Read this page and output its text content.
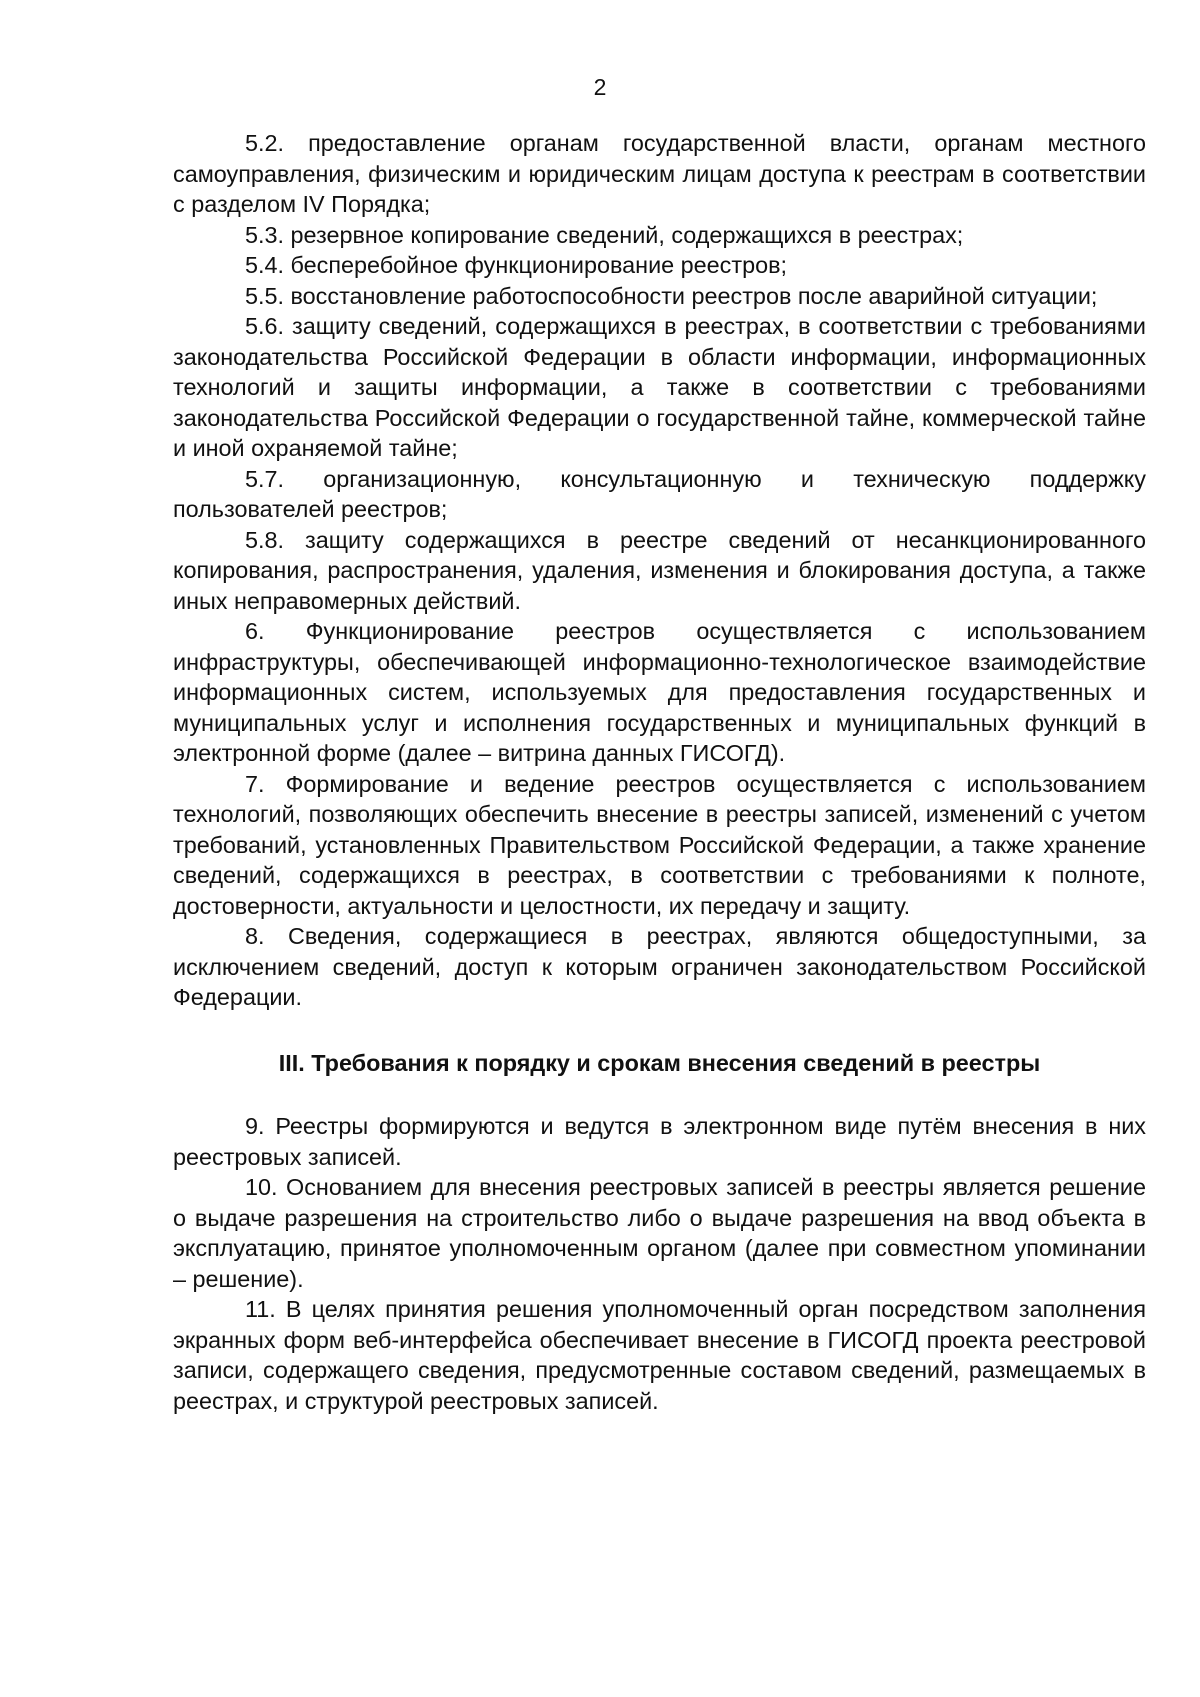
2

5.2. предоставление органам государственной власти, органам местного самоуправления, физическим и юридическим лицам доступа к реестрам в соответствии с разделом IV Порядка;

5.3. резервное копирование сведений, содержащихся в реестрах;

5.4. бесперебойное функционирование реестров;

5.5. восстановление работоспособности реестров после аварийной ситуации;

5.6. защиту сведений, содержащихся в реестрах, в соответствии с требованиями законодательства Российской Федерации в области информации, информационных технологий и защиты информации, а также в соответствии с требованиями законодательства Российской Федерации о государственной тайне, коммерческой тайне и иной охраняемой тайне;

5.7. организационную, консультационную и техническую поддержку пользователей реестров;

5.8. защиту содержащихся в реестре сведений от несанкционированного копирования, распространения, удаления, изменения и блокирования доступа, а также иных неправомерных действий.

6. Функционирование реестров осуществляется с использованием инфраструктуры, обеспечивающей информационно-технологическое взаимодействие информационных систем, используемых для предоставления государственных и муниципальных услуг и исполнения государственных и муниципальных функций в электронной форме (далее – витрина данных ГИСОГД).

7. Формирование и ведение реестров осуществляется с использованием технологий, позволяющих обеспечить внесение в реестры записей, изменений с учетом требований, установленных Правительством Российской Федерации, а также хранение сведений, содержащихся в реестрах, в соответствии с требованиями к полноте, достоверности, актуальности и целостности, их передачу и защиту.

8. Сведения, содержащиеся в реестрах, являются общедоступными, за исключением сведений, доступ к которым ограничен законодательством Российской Федерации.

III. Требования к порядку и срокам внесения сведений в реестры

9. Реестры формируются и ведутся в электронном виде путём внесения в них реестровых записей.

10. Основанием для внесения реестровых записей в реестры является решение о выдаче разрешения на строительство либо о выдаче разрешения на ввод объекта в эксплуатацию, принятое уполномоченным органом (далее при совместном упоминании – решение).

11. В целях принятия решения уполномоченный орган посредством заполнения экранных форм веб-интерфейса обеспечивает внесение в ГИСОГД проекта реестровой записи, содержащего сведения, предусмотренные составом сведений, размещаемых в реестрах, и структурой реестровых записей.
